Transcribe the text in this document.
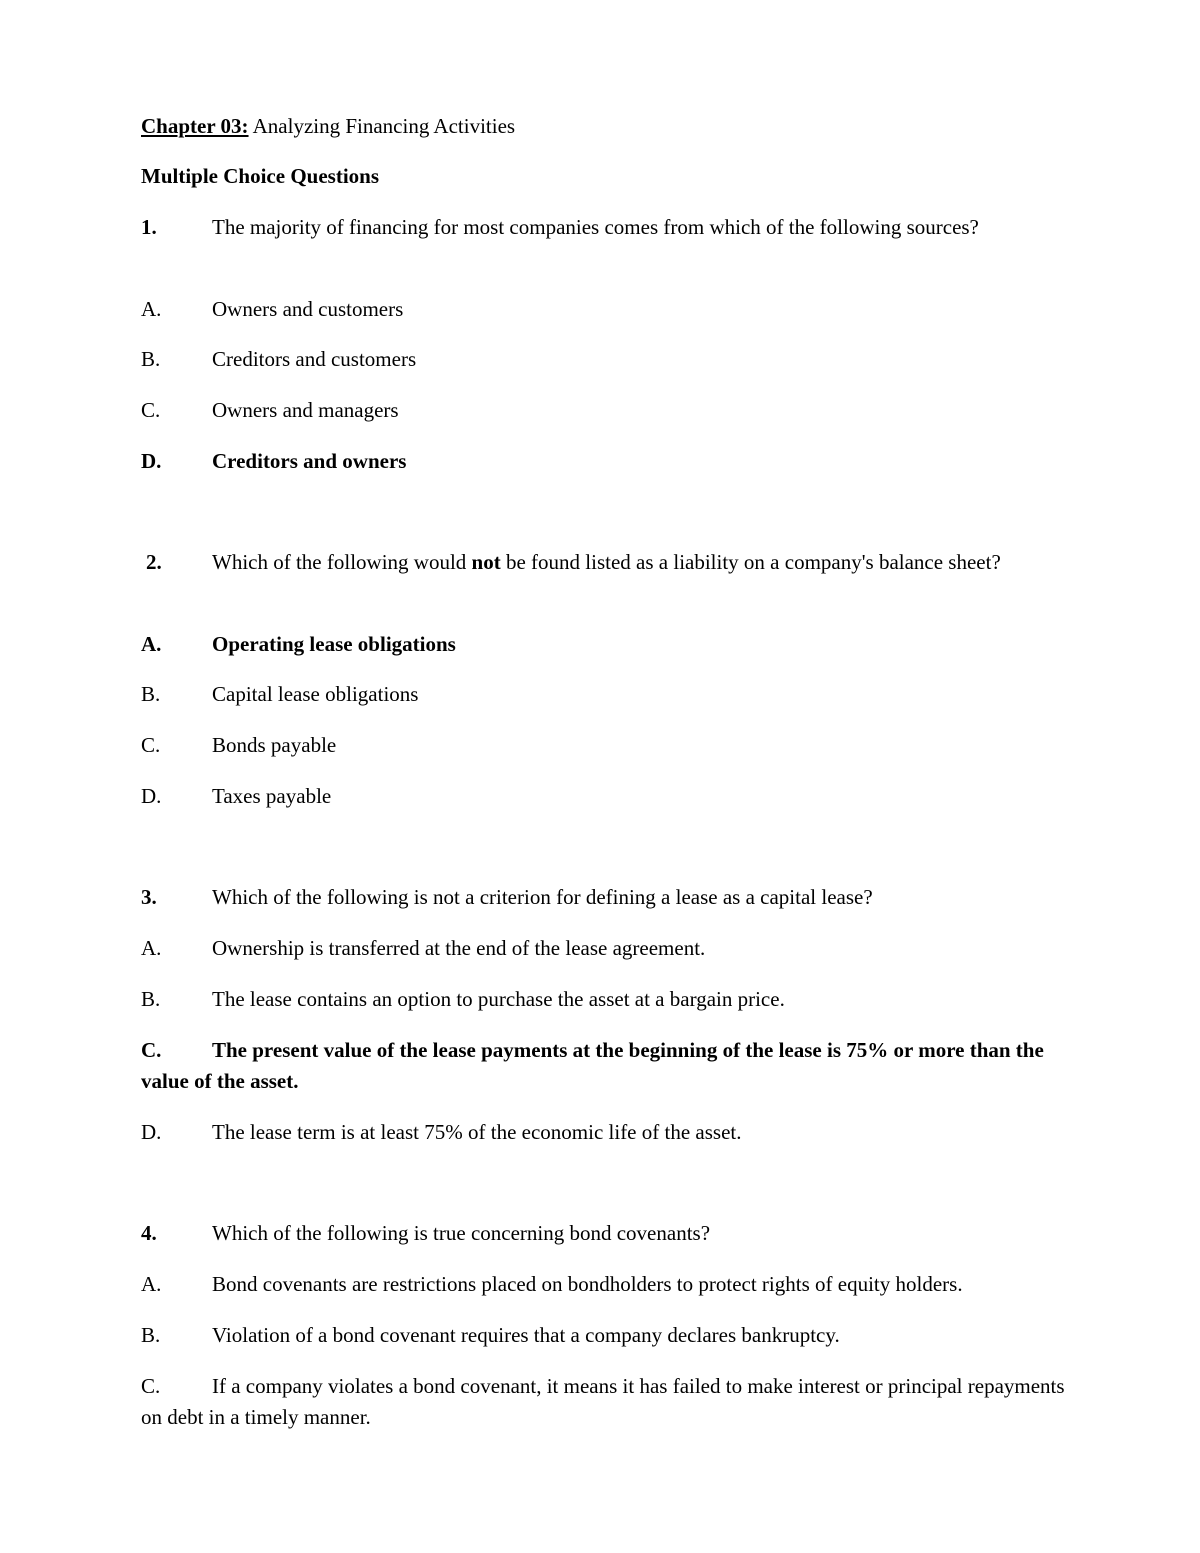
Chapter 03: Analyzing Financing Activities
Multiple Choice Questions
1.	The majority of financing for most companies comes from which of the following sources?
A. Owners and customers
B. Creditors and customers
C. Owners and managers
D. Creditors and owners
2. Which of the following would not be found listed as a liability on a company's balance sheet?
A. Operating lease obligations
B. Capital lease obligations
C. Bonds payable
D. Taxes payable
3.	Which of the following is not a criterion for defining a lease as a capital lease?
A. Ownership is transferred at the end of the lease agreement.
B. The lease contains an option to purchase the asset at a bargain price.
C. The present value of the lease payments at the beginning of the lease is 75% or more than the value of the asset.
D. The lease term is at least 75% of the economic life of the asset.
4.	Which of the following is true concerning bond covenants?
A. Bond covenants are restrictions placed on bondholders to protect rights of equity holders.
B. Violation of a bond covenant requires that a company declares bankruptcy.
C. If a company violates a bond covenant, it means it has failed to make interest or principal repayments on debt in a timely manner.
